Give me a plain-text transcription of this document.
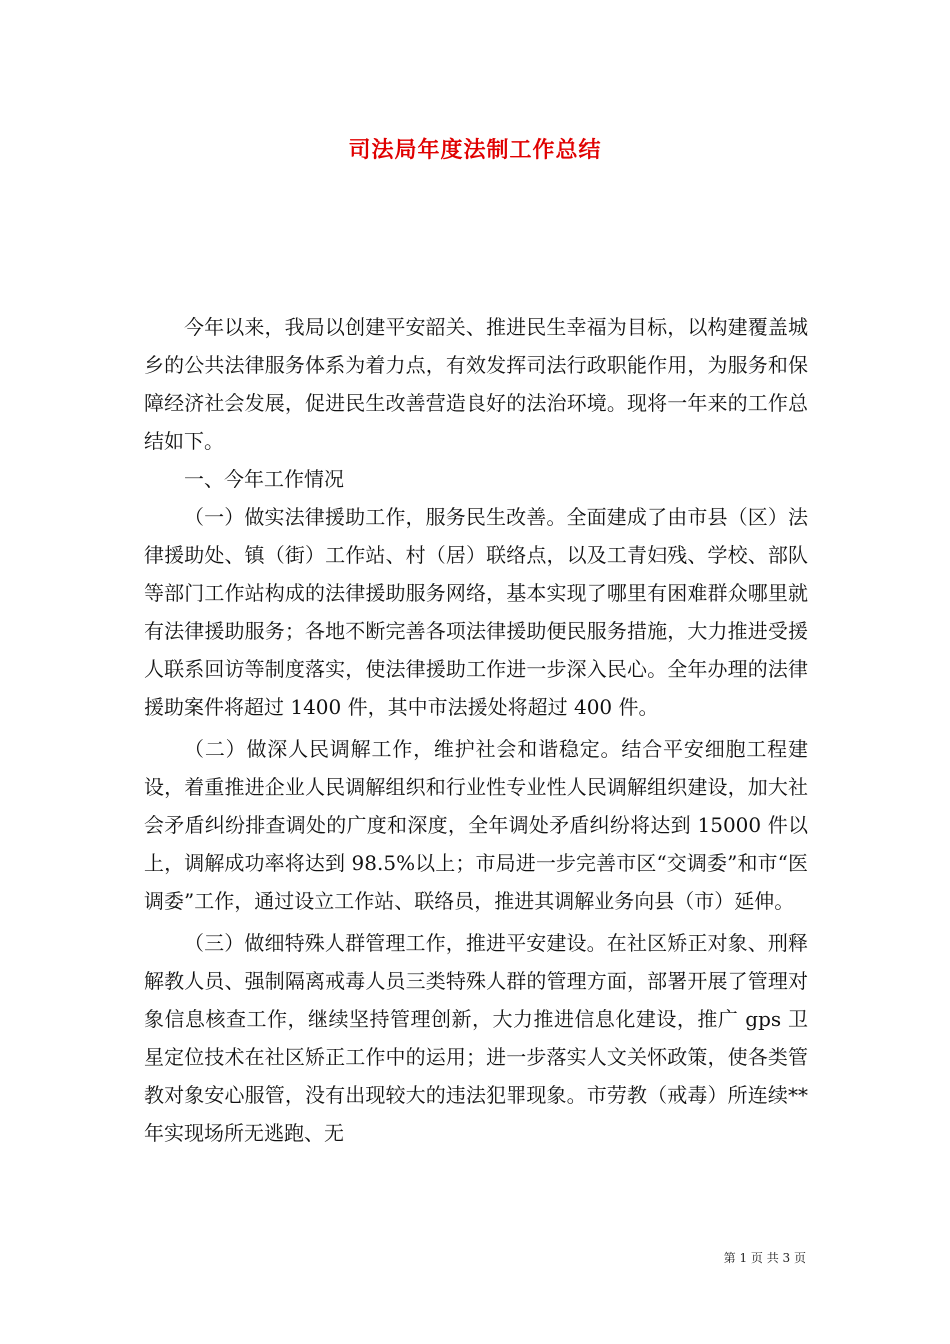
司法局年度法制工作总结

今年以来，我局以创建平安韶关、推进民生幸福为目标，以构建覆盖城乡的公共法律服务体系为着力点，有效发挥司法行政职能作用，为服务和保障经济社会发展，促进民生改善营造良好的法治环境。现将一年来的工作总结如下。

一、今年工作情况

（一）做实法律援助工作，服务民生改善。全面建成了由市县（区）法律援助处、镇（街）工作站、村（居）联络点，以及工青妇残、学校、部队等部门工作站构成的法律援助服务网络，基本实现了哪里有困难群众哪里就有法律援助服务；各地不断完善各项法律援助便民服务措施，大力推进受援人联系回访等制度落实，使法律援助工作进一步深入民心。全年办理的法律援助案件将超过 1400 件，其中市法援处将超过 400 件。

（二）做深人民调解工作，维护社会和谐稳定。结合平安细胞工程建设，着重推进企业人民调解组织和行业性专业性人民调解组织建设，加大社会矛盾纠纷排查调处的广度和深度，全年调处矛盾纠纷将达到 15000 件以上，调解成功率将达到 98.5%以上；市局进一步完善市区“交调委”和市“医调委”工作，通过设立工作站、联络员，推进其调解业务向县（市）延伸。

（三）做细特殊人群管理工作，推进平安建设。在社区矫正对象、刑释解教人员、强制隔离戒毒人员三类特殊人群的管理方面，部署开展了管理对象信息核查工作，继续坚持管理创新，大力推进信息化建设，推广 gps 卫星定位技术在社区矫正工作中的运用；进一步落实人文关怀政策，使各类管教对象安心服管，没有出现较大的违法犯罪现象。市劳教（戒毒）所连续**年实现场所无逃跑、无

第 1 页 共 3 页
